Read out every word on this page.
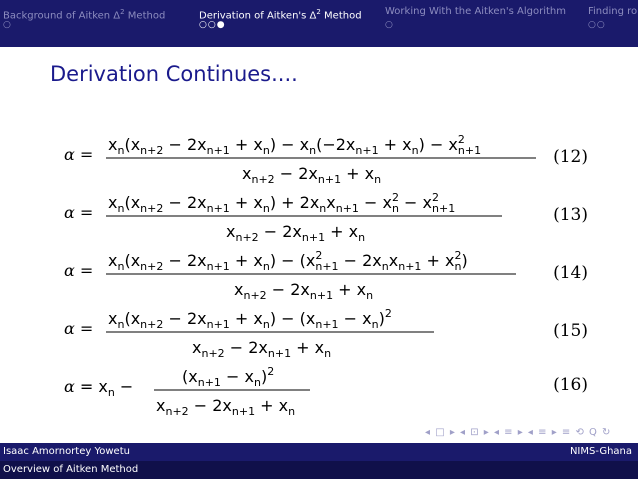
Background of Aitken $\Delta^2$ Method
○
Derivation of Aitken's $\Delta^2$ Method
○○●
Working With the Aitken's Algorithm
○
Finding ro
○○
Derivation Continues....
α =
$x_n(x_{n+2} - 2x_{n+1} + x_n) - x_n(-2x_{n+1} + x_n) - x^2$ n+1
$x_{n+2} - 2x_{n+1} + x_n$
(12)
α =
$x_n(x_{n+2} - 2x_{n+1} + x_n) + 2x_nx_{n+1} - x^2$ $n - x^2$ n+1
$x_{n+2} - 2x_{n+1} + x_n$
(13)
α =
$x_n(x_{n+2} - 2x_{n+1} + x_n) - (x^2$ $n+1 - 2x_nx_{n+1} + x^2$ n)
$x_{n+2} - 2x_{n+1} + x_n$
(14)
α =
$x_n(x_{n+2} - 2x_{n+1} + x_n) - (x_{n+1} - x_n)^2$
$x_{n+2} - 2x_{n+1} + x_n$
(15)
$\alpha = x_n$ −
$(x_{n+1} - x_n)^2$
$x_{n+2} - 2x_{n+1} + x_n$
(16)
◂ □ ▸ ◂ ⊡ ▸ ◂ ≡ ▸ ◂ ≡ ▸ ≡ ⟲ Q ↻
Isaac Amornortey Yowetu	NIMS-Ghana
Overview of Aitken Method
